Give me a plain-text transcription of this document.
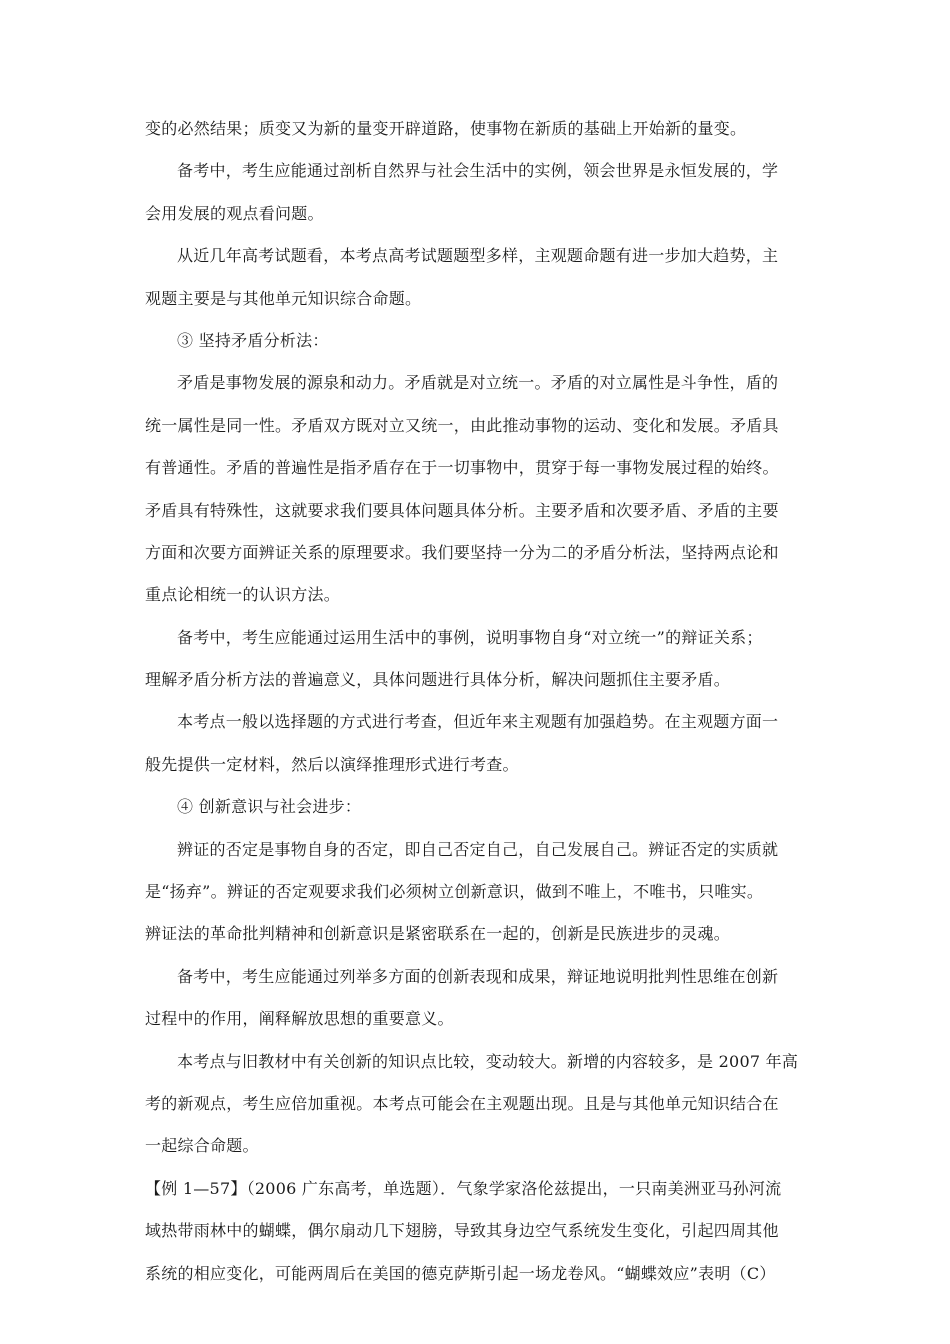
变的必然结果；质变又为新的量变开辟道路，使事物在新质的基础上开始新的量变。
备考中，考生应能通过剖析自然界与社会生活中的实例，领会世界是永恒发展的，学
会用发展的观点看问题。
从近几年高考试题看，本考点高考试题题型多样，主观题命题有进一步加大趋势，主
观题主要是与其他单元知识综合命题。
③ 坚持矛盾分析法：
矛盾是事物发展的源泉和动力。矛盾就是对立统一。矛盾的对立属性是斗争性，盾的
统一属性是同一性。矛盾双方既对立又统一，由此推动事物的运动、变化和发展。矛盾具
有普通性。矛盾的普遍性是指矛盾存在于一切事物中，贯穿于每一事物发展过程的始终。
矛盾具有特殊性，这就要求我们要具体问题具体分析。主要矛盾和次要矛盾、矛盾的主要
方面和次要方面辨证关系的原理要求。我们要坚持一分为二的矛盾分析法，坚持两点论和
重点论相统一的认识方法。
备考中，考生应能通过运用生活中的事例，说明事物自身“对立统一”的辩证关系；
理解矛盾分析方法的普遍意义，具体问题进行具体分析，解决问题抓住主要矛盾。
本考点一般以选择题的方式进行考查，但近年来主观题有加强趋势。在主观题方面一
般先提供一定材料，然后以演绎推理形式进行考查。
④ 创新意识与社会进步：
辨证的否定是事物自身的否定，即自己否定自己，自己发展自己。辨证否定的实质就
是“扬弃”。辨证的否定观要求我们必须树立创新意识，做到不唯上，不唯书，只唯实。
辨证法的革命批判精神和创新意识是紧密联系在一起的，创新是民族进步的灵魂。
备考中，考生应能通过列举多方面的创新表现和成果，辩证地说明批判性思维在创新
过程中的作用，阐释解放思想的重要意义。
本考点与旧教材中有关创新的知识点比较，变动较大。新增的内容较多，是 2007 年高
考的新观点，考生应倍加重视。本考点可能会在主观题出现。且是与其他单元知识结合在
一起综合命题。
【例 1—57】（2006 广东高考，单选题）．气象学家洛伦兹提出，一只南美洲亚马孙河流
域热带雨林中的蝴蝶，偶尔扇动几下翅膀，导致其身边空气系统发生变化，引起四周其他
系统的相应变化，可能两周后在美国的德克萨斯引起一场龙卷风。“蝴蝶效应”表明（C）
